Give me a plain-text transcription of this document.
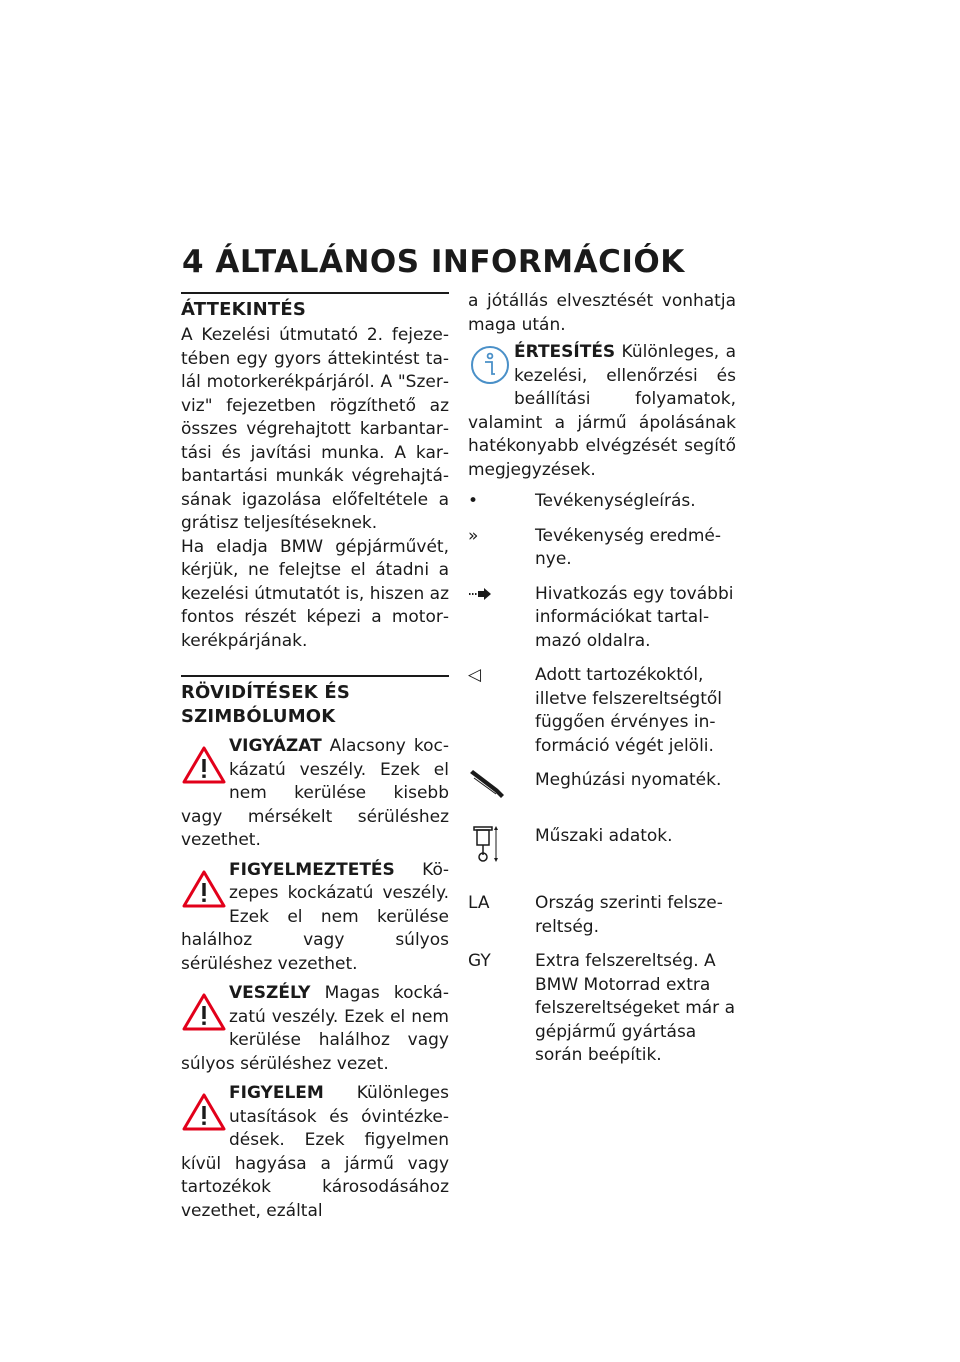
4 ÁLTALÁNOS INFORMÁCIÓK
ÁTTEKINTÉS

A Kezelési útmutató 2. fejezetében egy gyors áttekintést talál motorkerékpárjáról. A "Szerviz" fejezetben rögzíthető az összes végrehajtott karbantartási és javítási munka. A karbantartási munkák végrehajtásának igazolása előfeltétele a grátisz teljesítéseknek.

Ha eladja BMW gépjárművét, kérjük, ne felejtse el átadni a kezelési útmutatót is, hiszen az fontos részét képezi a motorkerékpárjának.

RÖVIDÍTÉSEK ÉS SZIMBÓLUMOK

VIGYÁZAT Alacsony kockázatú veszély. Ezek el nem kerülése kisebb vagy mérsékelt sérüléshez vezethet.

FIGYELMEZTETÉS Közepes kockázatú veszély. Ezek el nem kerülése halálhoz vagy súlyos sérüléshez vezethet.

VESZÉLY Magas kockázatú veszély. Ezek el nem kerülése halálhoz vagy súlyos sérüléshez vezet.

FIGYELEM Különleges utasítások és óvintézkedések. Ezek figyelmen kívül hagyása a jármű vagy tartozékok károsodásához vezethet, ezáltal

a jótállás elvesztését vonhatja maga után.

ÉRTESÍTÉS Különleges, a kezelési, ellenőrzési és beállítási folyamatok, valamint a jármű ápolásának hatékonyabb elvégzését segítő megjegyzések.

•	Tevékenységleírás.
»	Tevékenység eredménye.
Hivatkozás egy további információkat tartalmazó oldalra.
◁	Adott tartozékoktól, illetve felszereltségtől függően érvényes információ végét jelöli.
Meghúzási nyomaték.
Műszaki adatok.
LA	Ország szerinti felszereltség.
GY	Extra felszereltség. A BMW Motorrad extra felszereltségeket már a gépjármű gyártása során beépítik.
